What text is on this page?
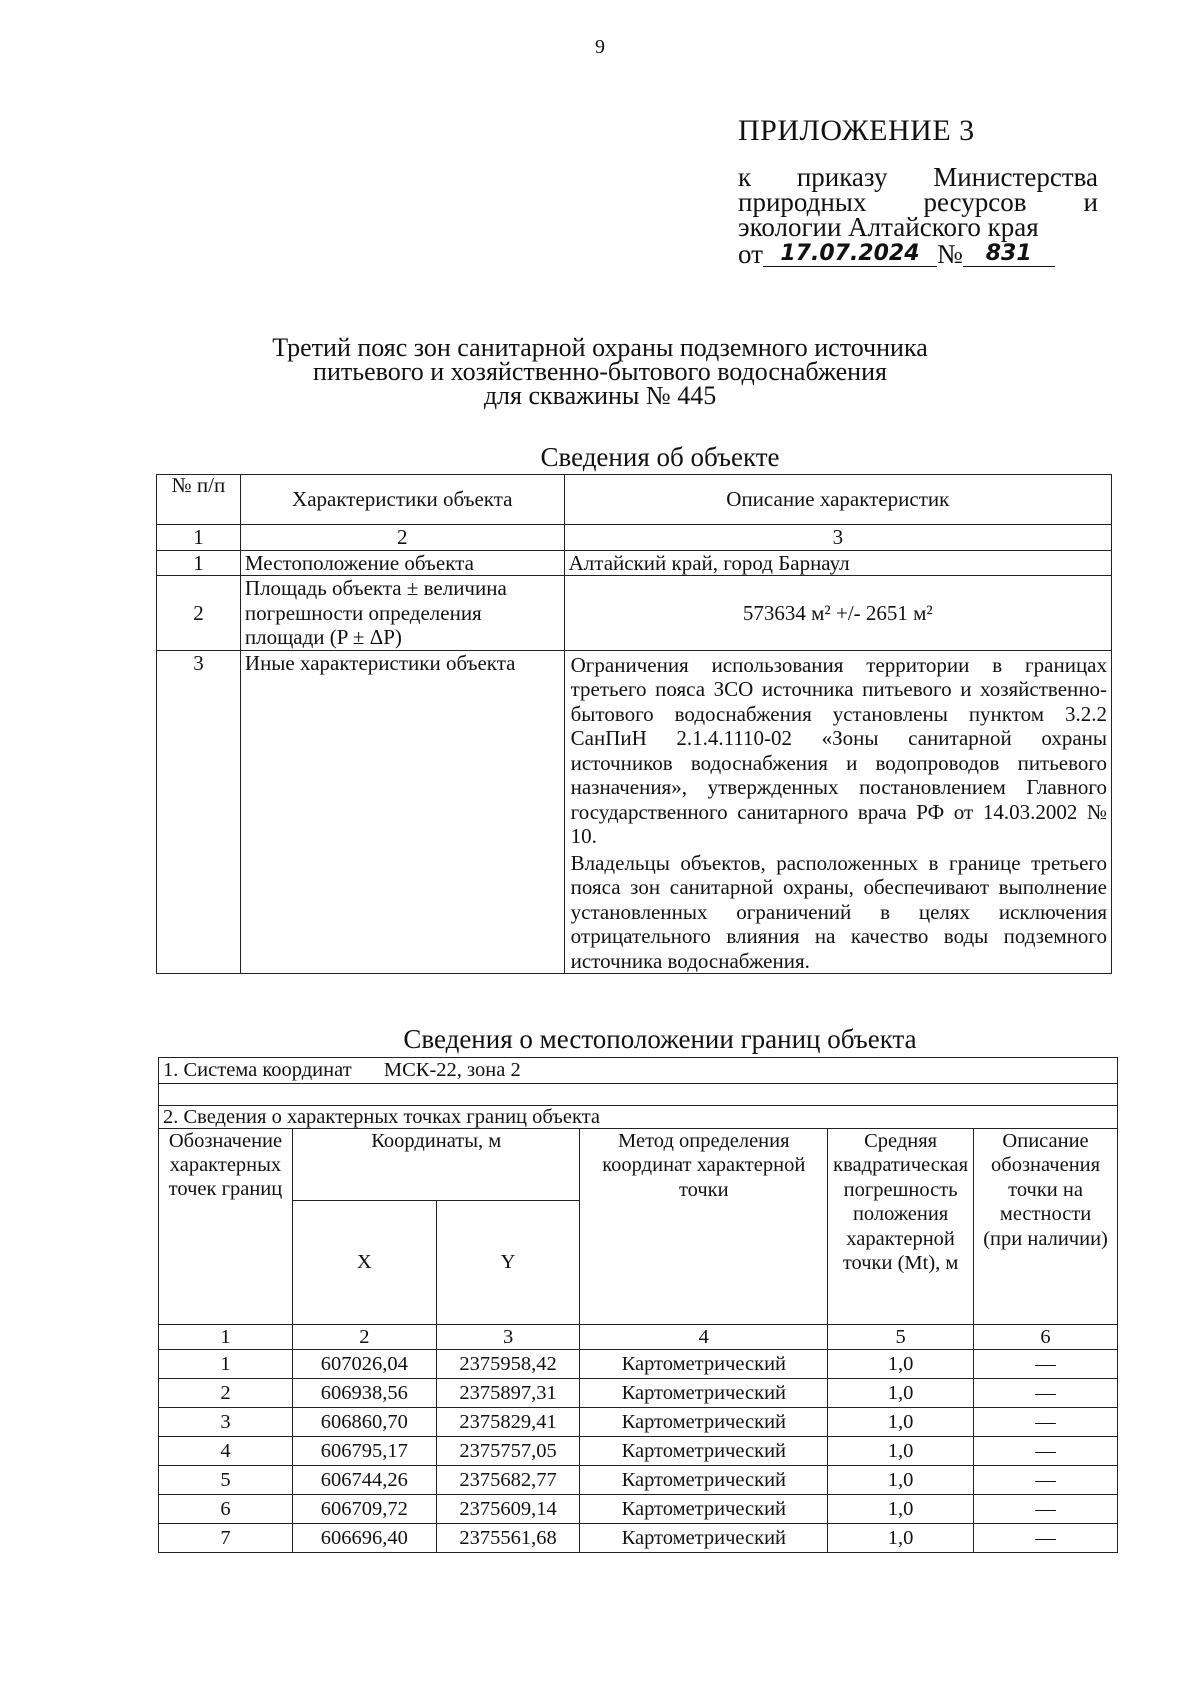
9
ПРИЛОЖЕНИЕ 3
к приказу Министерства
природных ресурсов и
экологии Алтайского края
от 17.07.2024 №	831
Третий пояс зон санитарной охраны подземного источника
питьевого и хозяйственно-бытового водоснабжения
для скважины № 445
Сведения об объекте
№ п/п	Характеристики объекта	Описание характеристик
1	2	3
1	Местоположение объекта	Алтайский край, город Барнаул
2	Площадь объекта ± величина погрешности определения площади (P ± ΔP)	573634 м² +/- 2651 м²
3	Иные характеристики объекта	Ограничения использования территории в границах третьего пояса ЗСО источника питьевого и хозяйственно-бытового водоснабжения установлены пунктом 3.2.2 СанПиН 2.1.4.1110-02 «Зоны санитарной охраны источников водоснабжения и водопроводов питьевого назначения», утвержденных постановлением Главного государственного санитарного врача РФ от 14.03.2002 № 10.

Владельцы объектов, расположенных в границе третьего пояса зон санитарной охраны, обеспечивают выполнение установленных ограничений в целях исключения отрицательного влияния на качество воды подземного источника водоснабжения.

Сведения о местоположении границ объекта
1. Система координат МСК-22, зона 2					

2. Сведения о характерных точках границ объекта					
Обозначение характерных точек границ	Координаты, м		Метод определения координат характерной точки	Средняя квадратическая погрешность положения характерной точки (Mt), м	Описание обозначения точки на местности (при наличии)
	X	Y			
1	2	3	4	5	6
1	607026,04	2375958,42	Картометрический	1,0	—
2	606938,56	2375897,31	Картометрический	1,0	—
3	606860,70	2375829,41	Картометрический	1,0	—
4	606795,17	2375757,05	Картометрический	1,0	—
5	606744,26	2375682,77	Картометрический	1,0	—
6	606709,72	2375609,14	Картометрический	1,0	—
7	606696,40	2375561,68	Картометрический	1,0	—
